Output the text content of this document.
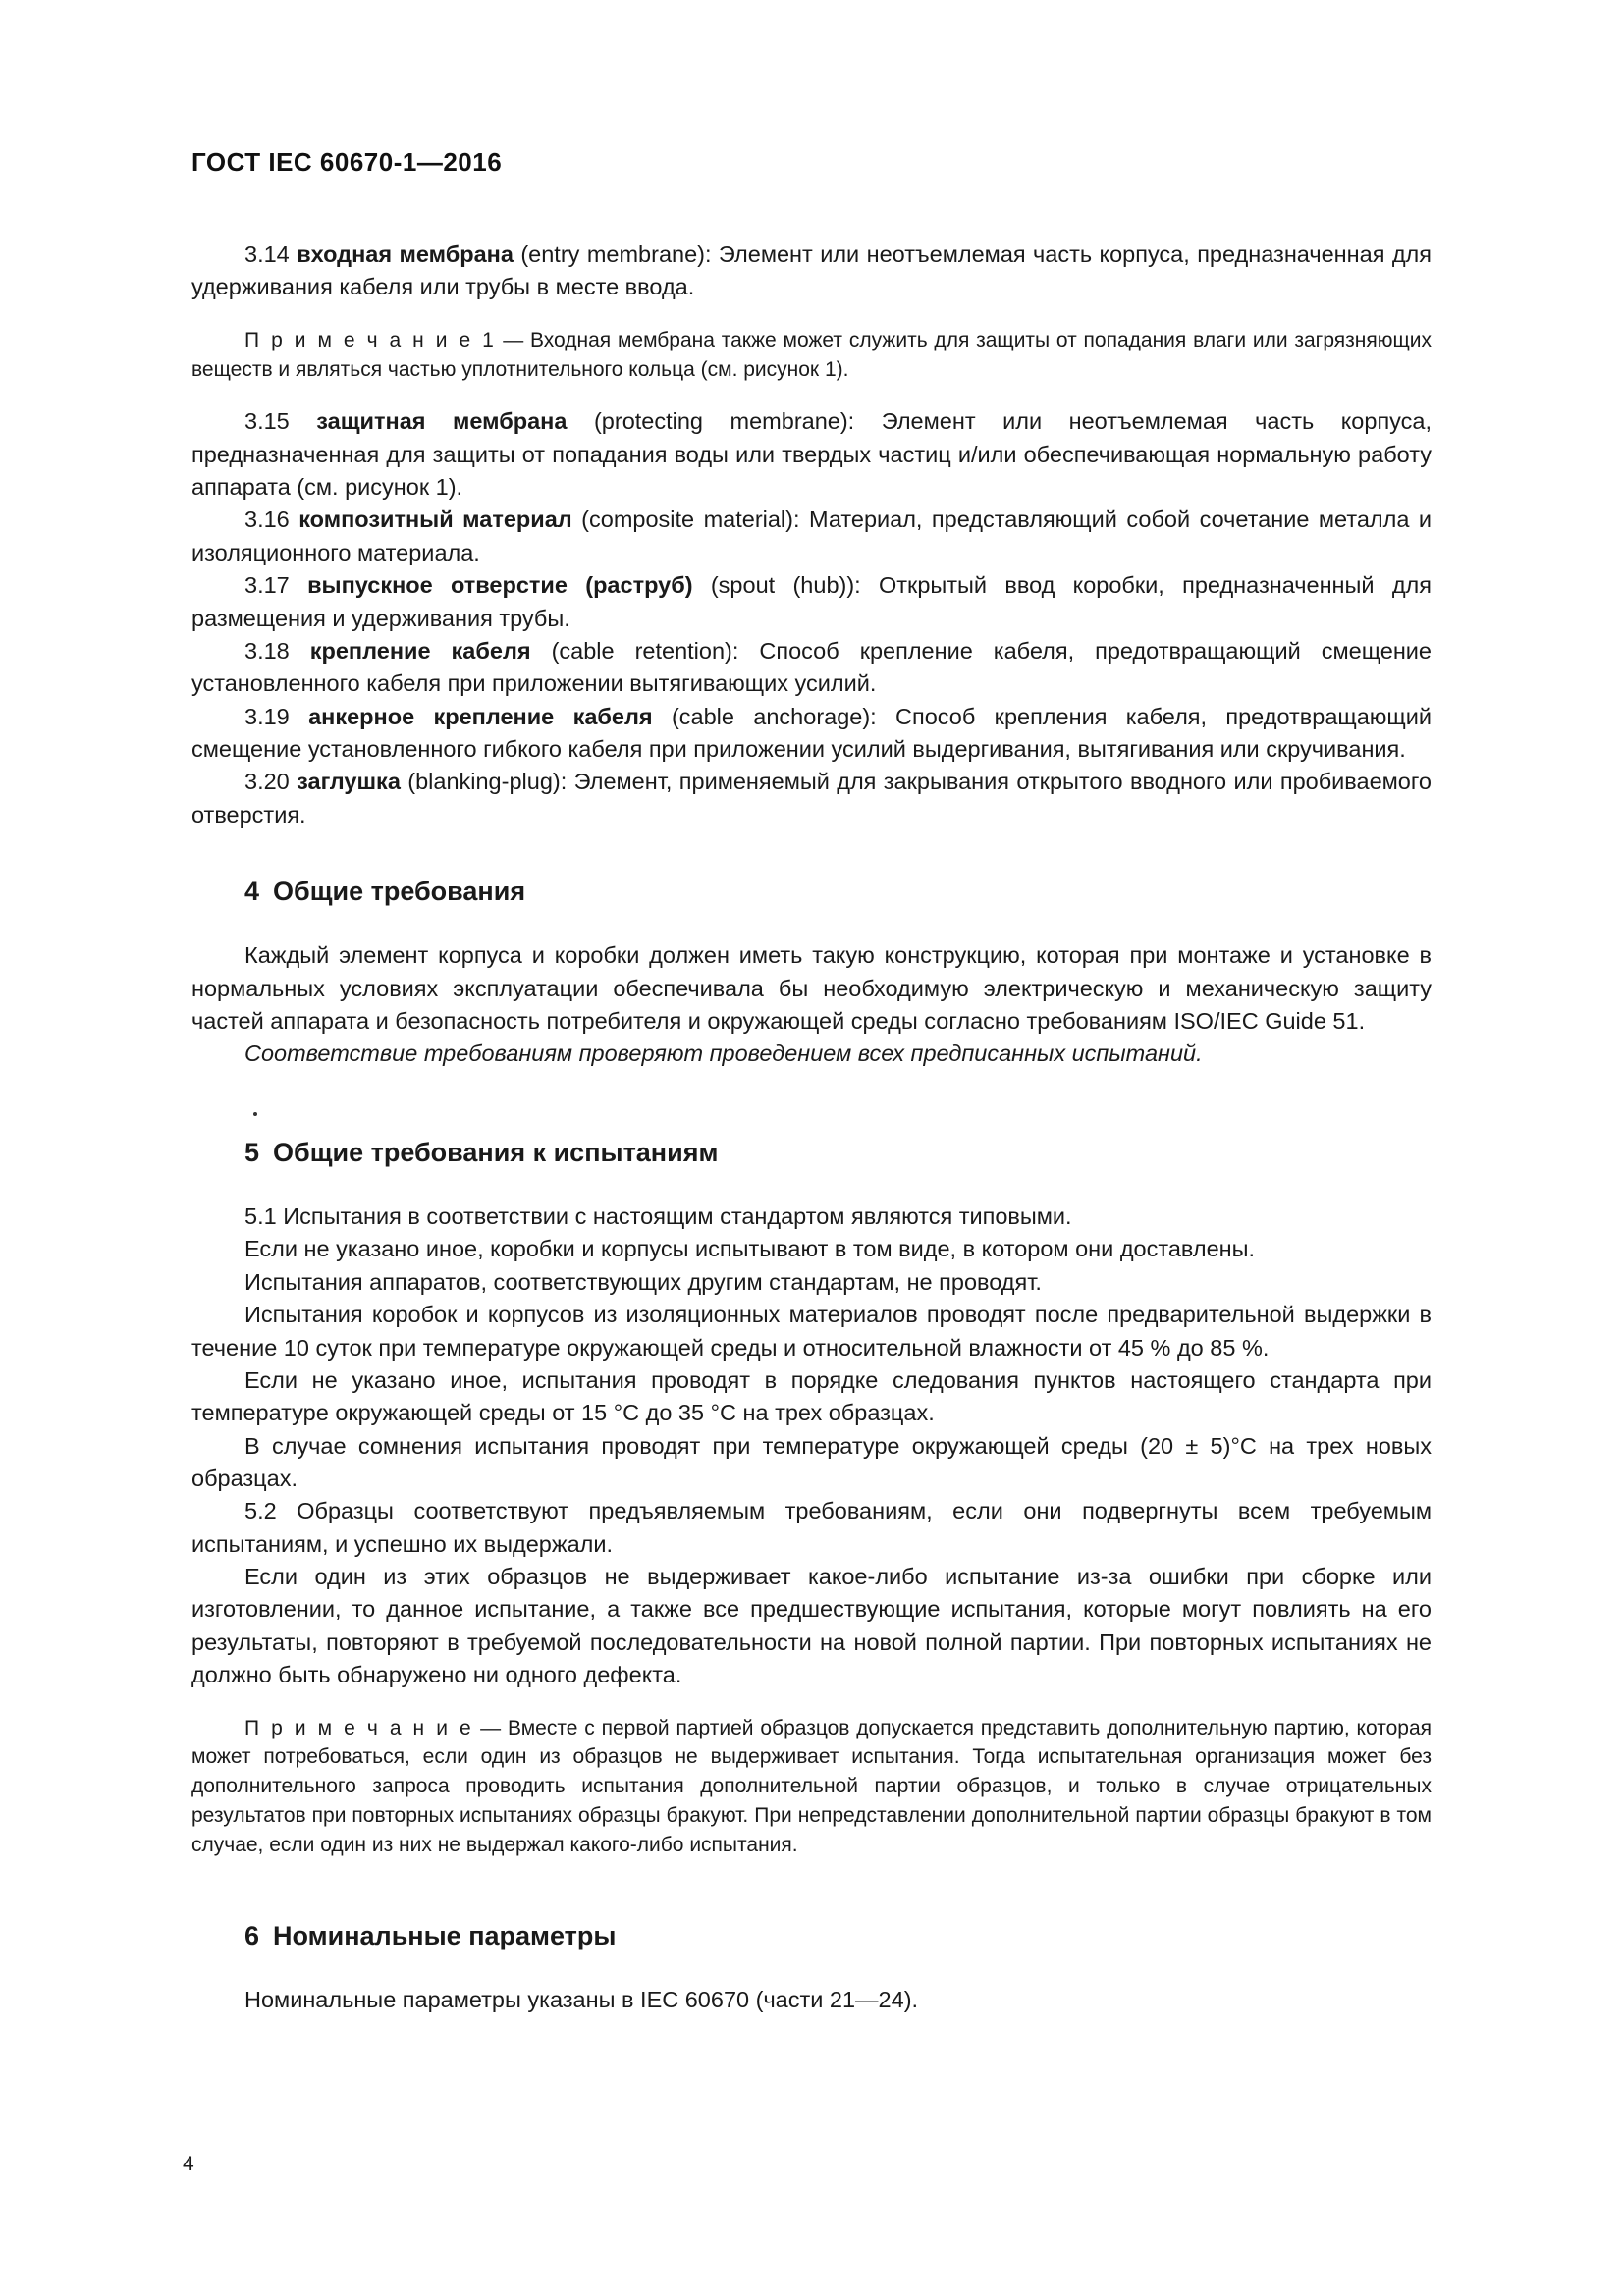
ГОСТ IEC 60670-1—2016

3.14 входная мембрана (entry membrane): Элемент или неотъемлемая часть корпуса, предназначенная для удерживания кабеля или трубы в месте ввода.

П р и м е ч а н и е 1 — Входная мембрана также может служить для защиты от попадания влаги или загрязняющих веществ и являться частью уплотнительного кольца (см. рисунок 1).

3.15 защитная мембрана (protecting membrane): Элемент или неотъемлемая часть корпуса, предназначенная для защиты от попадания воды или твердых частиц и/или обеспечивающая нормальную работу аппарата (см. рисунок 1).

3.16 композитный материал (composite material): Материал, представляющий собой сочетание металла и изоляционного материала.

3.17 выпускное отверстие (раструб) (spout (hub)): Открытый ввод коробки, предназначенный для размещения и удерживания трубы.

3.18 крепление кабеля (cable retention): Способ крепление кабеля, предотвращающий смещение установленного кабеля при приложении вытягивающих усилий.

3.19 анкерное крепление кабеля (cable anchorage): Способ крепления кабеля, предотвращающий смещение установленного гибкого кабеля при приложении усилий выдергивания, вытягивания или скручивания.

3.20 заглушка (blanking-plug): Элемент, применяемый для закрывания открытого вводного или пробиваемого отверстия.

4 Общие требования

Каждый элемент корпуса и коробки должен иметь такую конструкцию, которая при монтаже и установке в нормальных условиях эксплуатации обеспечивала бы необходимую электрическую и механическую защиту частей аппарата и безопасность потребителя и окружающей среды согласно требованиям ISO/IEC Guide 51.

Соответствие требованиям проверяют проведением всех предписанных испытаний.

5 Общие требования к испытаниям

5.1 Испытания в соответствии с настоящим стандартом являются типовыми.

Если не указано иное, коробки и корпусы испытывают в том виде, в котором они доставлены.

Испытания аппаратов, соответствующих другим стандартам, не проводят.

Испытания коробок и корпусов из изоляционных материалов проводят после предварительной выдержки в течение 10 суток при температуре окружающей среды и относительной влажности от 45 % до 85 %.

Если не указано иное, испытания проводят в порядке следования пунктов настоящего стандарта при температуре окружающей среды от 15 °C до 35 °C на трех образцах.

В случае сомнения испытания проводят при температуре окружающей среды (20 ± 5)°C на трех новых образцах.

5.2 Образцы соответствуют предъявляемым требованиям, если они подвергнуты всем требуемым испытаниям, и успешно их выдержали.

Если один из этих образцов не выдерживает какое-либо испытание из-за ошибки при сборке или изготовлении, то данное испытание, а также все предшествующие испытания, которые могут повлиять на его результаты, повторяют в требуемой последовательности на новой полной партии. При повторных испытаниях не должно быть обнаружено ни одного дефекта.

П р и м е ч а н и е — Вместе с первой партией образцов допускается представить дополнительную партию, которая может потребоваться, если один из образцов не выдерживает испытания. Тогда испытательная организация может без дополнительного запроса проводить испытания дополнительной партии образцов, и только в случае отрицательных результатов при повторных испытаниях образцы бракуют. При непредставлении дополнительной партии образцы бракуют в том случае, если один из них не выдержал какого-либо испытания.

6 Номинальные параметры

Номинальные параметры указаны в IEC 60670 (части 21—24).

4
